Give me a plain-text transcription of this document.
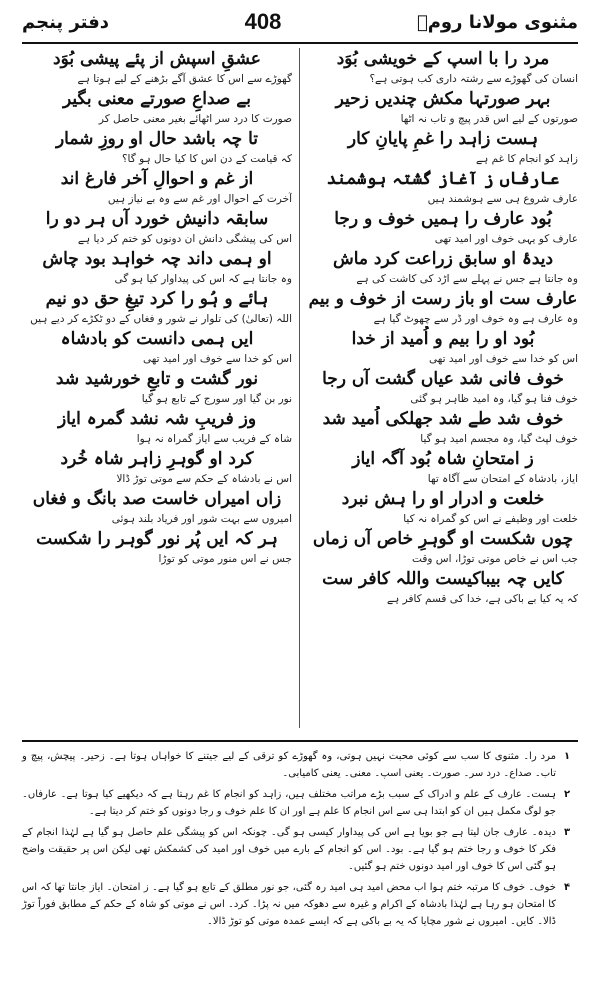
دفتر پنجم	408	مثنوی مولانا رومؒ
مرد را با اسپ کے خویشی بُوَد
انسان کی گھوڑے سے رشتہ داری کب ہوتی ہے؟
بہر صورتہا مکش چندیں زحیر
صورتوں کے لیے اس قدر پیچ و تاب نہ اٹھا
ہست زاہد را غمِ پایانِ کار
زاہد کو انجام کا غم ہے
عارفاں ز آغاز گشتہ ہوشمند
عارف شروع ہی سے ہوشمند ہیں
بُود عارف را ہمیں خوف و رجا
عارف کو یہی خوف اور امید تھی
دیدۂ او سابق زراعت کرد ماش
وہ جانتا ہے جس نے پہلے سے اڑد کی کاشت کی ہے
عارف ست او باز رست از خوف و بیم
وہ عارف ہے وہ خوف اور ڈر سے چھوٹ گیا ہے
بُود او را بیم و اُمید از خدا
اس کو خدا سے خوف اور امید تھی
خوف فانی شد عیاں گشت آں رجا
خوف فنا ہو گیا، وہ امید ظاہر ہو گئی
خوف شد طے شد جھلکی اُمید شد
خوف لپٹ گیا، وہ مجسم امید ہو گیا
ز امتحانِ شاہ بُود آگہ ایاز
ایاز، بادشاہ کے امتحان سے آگاہ تھا
خلعت و ادرار او را ہش نبرد
خلعت اور وظیفے نے اس کو گمراہ نہ کیا
چوں شکست او گوہرِ خاص آں زماں
جب اس نے خاص موتی توڑا، اس وقت
کایں چہ بیباکیست واللہ کافر ست
کہ یہ کیا بے باکی ہے، خدا کی قسم کافر ہے
عشقِ اسپش از پئے پیشی بُوَد
گھوڑے سے اس کا عشق آگے بڑھنے کے لیے ہوتا ہے
بے صداعِ صورتے معنی بگیر
صورت کا درد سر اٹھائے بغیر معنی حاصل کر
تا چہ باشد حال او روزِ شمار
کہ قیامت کے دن اس کا کیا حال ہو گا؟
از غم و احوالِ آخر فارغ اند
آخرت کے احوال اور غم سے وہ بے نیاز ہیں
سابقہ دانیش خورد آں ہر دو را
اس کی پیشگی دانش ان دونوں کو ختم کر دیا ہے
او ہمی داند چہ خواہد بود چاش
وہ جانتا ہے کہ اس کی پیداوار کیا ہو گی
ہائے و ہُو را کرد تیغِ حق دو نیم
اللہ (تعالیٰ) کی تلوار نے شور و فغاں کے دو ٹکڑے کر دیے ہیں
ایں ہمی دانست کو بادشاہ
اس کو خدا سے خوف اور امید تھی
نور گشت و تابعِ خورشید شد
نور بن گیا اور سورج کے تابع ہو گیا
وز فریبِ شہ نشد گمرہ ایاز
شاہ کے فریب سے ایاز گمراہ نہ ہوا
کرد او گوہرِ زاہر شاہ خُرد
اس نے بادشاہ کے حکم سے موتی توڑ ڈالا
زاں امیراں خاست صد بانگ و فغاں
امیروں سے بہت شور اور فریاد بلند ہوئی
ہر کہ ایں پُر نور گوہر را شکست
جس نے اس منور موتی کو توڑا
۱
مرد را۔ مثنوی کا سب سے کوئی محبت نہیں ہوتی، وہ گھوڑے کو ترقی کے لیے جیتنے کا خواہاں ہوتا ہے۔ زحیر۔ پیچش، پیچ و تاب۔ صداع۔ درد سر۔ صورت۔ یعنی اسپ۔ معنی۔ یعنی کامیابی۔
۲
ہست۔ عارف کے علم و ادراک کے سبب بڑے مراتب مختلف ہیں، زاہد کو انجام کا غم رہتا ہے کہ دیکھیے کیا ہوتا ہے۔ عارفاں۔ جو لوگ مکمل ہیں ان کو ابتدا ہی سے اس انجام کا علم ہے اور ان کا علم خوف و رجا دونوں کو ختم کر دیتا ہے۔
۳
دیدہ۔ عارف جان لیتا ہے جو بویا ہے اس کی پیداوار کیسی ہو گی۔ چونکہ اس کو پیشگی علم حاصل ہو گیا ہے لہٰذا انجام کے فکر کا خوف و رجا ختم ہو گیا ہے۔ بود۔ اس کو انجام کے بارے میں خوف اور امید کی کشمکش تھی لیکن اس پر حقیقت واضح ہو گئی اس کا خوف اور امید دونوں ختم ہو گئیں۔
۴
خوف۔ خوف کا مرتبہ ختم ہوا اب محض امید ہی امید رہ گئی، جو نور مطلق کے تابع ہو گیا ہے۔ ز امتحان۔ ایاز جانتا تھا کہ اس کا امتحان ہو رہا ہے لہٰذا بادشاہ کے اکرام و غیرہ سے دھوکہ میں نہ پڑا۔ کرد۔ اس نے موتی کو شاہ کے حکم کے مطابق فوراً توڑ ڈالا۔ کایں۔ امیروں نے شور مچایا کہ یہ بے باکی ہے کہ ایسے عمدہ موتی کو توڑ ڈالا۔
